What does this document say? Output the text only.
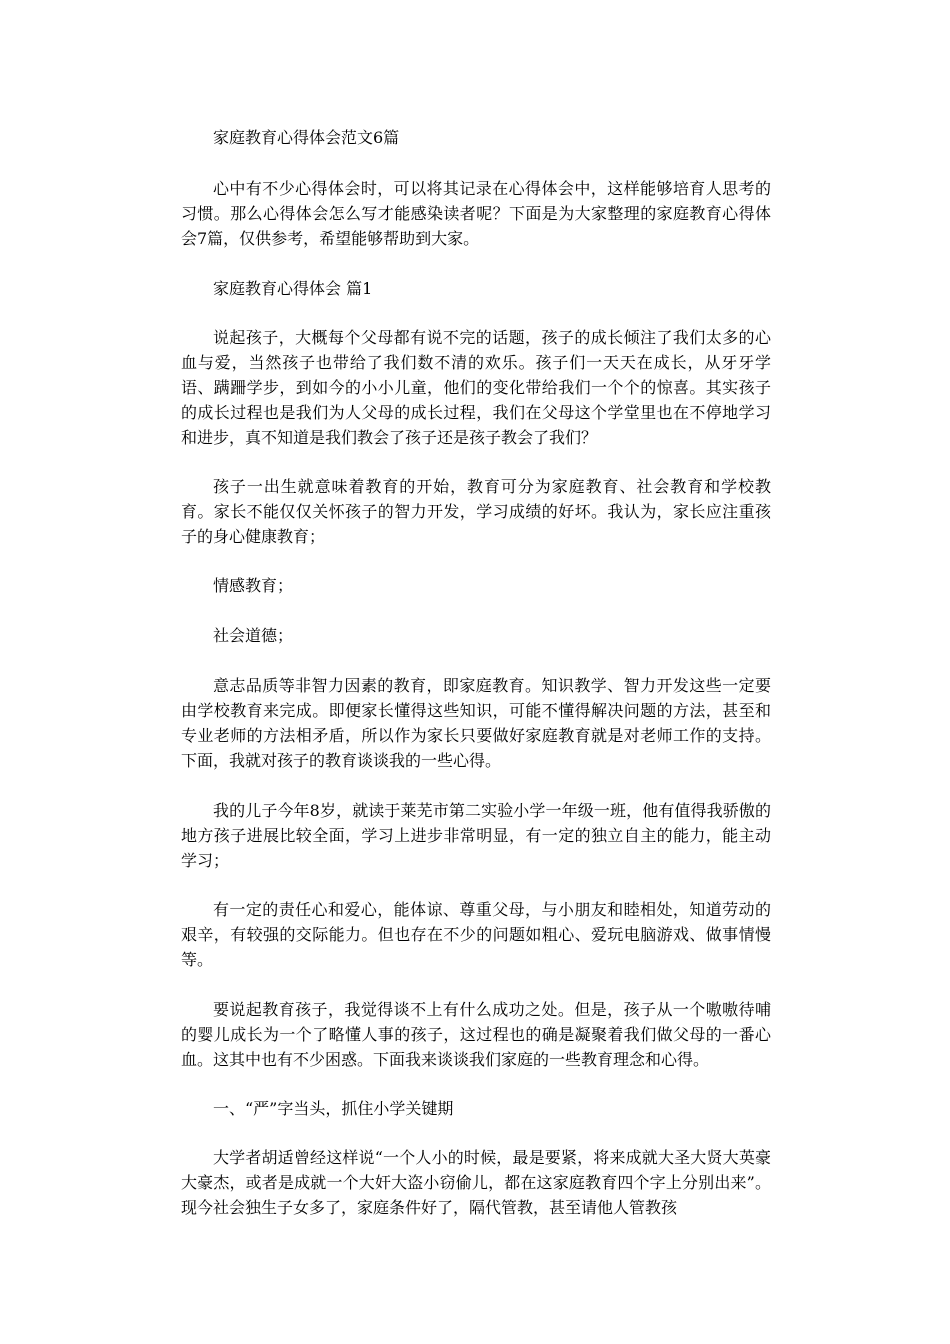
家庭教育心得体会范文6篇

心中有不少心得体会时，可以将其记录在心得体会中，这样能够培育人思考的习惯。那么心得体会怎么写才能感染读者呢？下面是为大家整理的家庭教育心得体会7篇，仅供参考，希望能够帮助到大家。

家庭教育心得体会 篇1

说起孩子，大概每个父母都有说不完的话题，孩子的成长倾注了我们太多的心血与爱，当然孩子也带给了我们数不清的欢乐。孩子们一天天在成长，从牙牙学语、蹒跚学步，到如今的小小儿童，他们的变化带给我们一个个的惊喜。其实孩子的成长过程也是我们为人父母的成长过程，我们在父母这个学堂里也在不停地学习和进步，真不知道是我们教会了孩子还是孩子教会了我们？

孩子一出生就意味着教育的开始，教育可分为家庭教育、社会教育和学校教育。家长不能仅仅关怀孩子的智力开发，学习成绩的好坏。我认为，家长应注重孩子的身心健康教育；

情感教育；

社会道德；

意志品质等非智力因素的教育，即家庭教育。知识教学、智力开发这些一定要由学校教育来完成。即便家长懂得这些知识，可能不懂得解决问题的方法，甚至和专业老师的方法相矛盾，所以作为家长只要做好家庭教育就是对老师工作的支持。下面，我就对孩子的教育谈谈我的一些心得。

我的儿子今年8岁，就读于莱芜市第二实验小学一年级一班，他有值得我骄傲的地方孩子进展比较全面，学习上进步非常明显，有一定的独立自主的能力，能主动学习；

有一定的责任心和爱心，能体谅、尊重父母，与小朋友和睦相处，知道劳动的艰辛，有较强的交际能力。但也存在不少的问题如粗心、爱玩电脑游戏、做事情慢等。

要说起教育孩子，我觉得谈不上有什么成功之处。但是，孩子从一个嗷嗷待哺的婴儿成长为一个了略懂人事的孩子，这过程也的确是凝聚着我们做父母的一番心血。这其中也有不少困惑。下面我来谈谈我们家庭的一些教育理念和心得。

一、“严”字当头，抓住小学关键期

大学者胡适曾经这样说“一个人小的时候，最是要紧，将来成就大圣大贤大英豪大豪杰，或者是成就一个大奸大盗小窃偷儿，都在这家庭教育四个字上分别出来”。现今社会独生子女多了，家庭条件好了，隔代管教，甚至请他人管教孩
